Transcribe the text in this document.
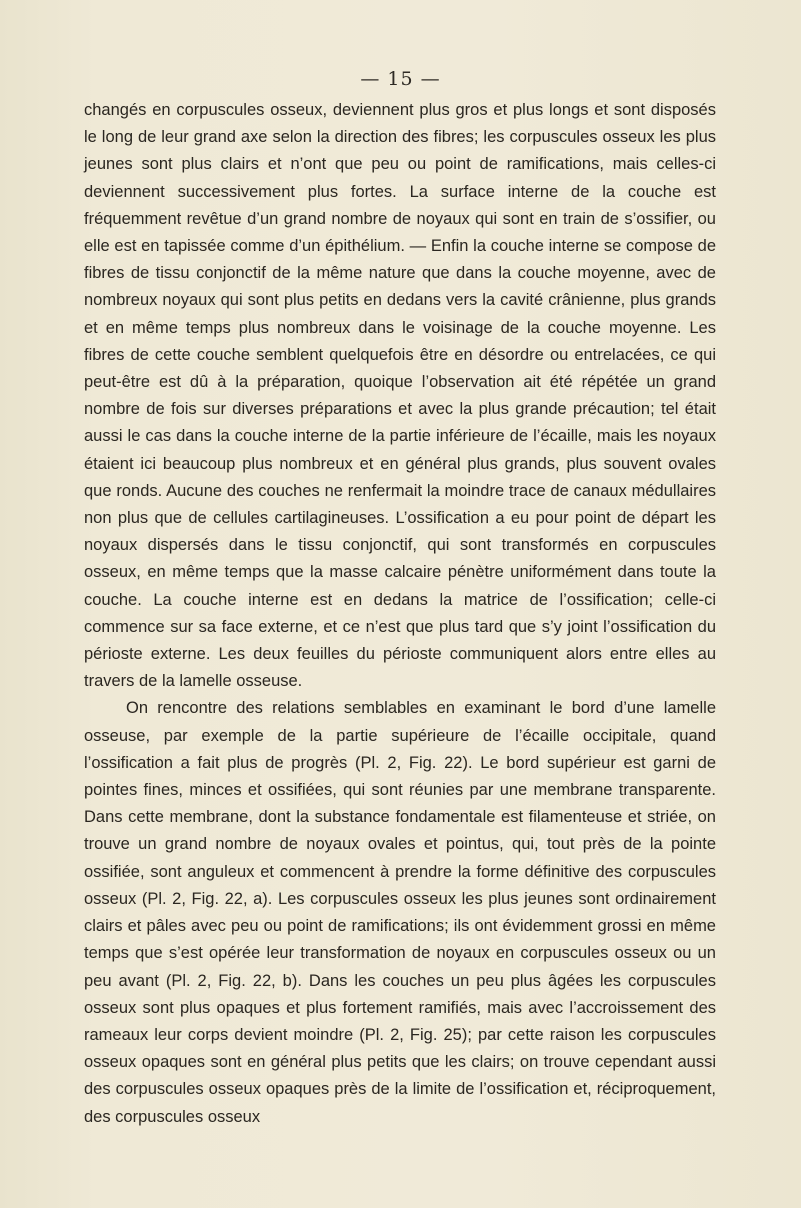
— 15 —

changés en corpuscules osseux, deviennent plus gros et plus longs et sont disposés le long de leur grand axe selon la direction des fibres; les corpuscules osseux les plus jeunes sont plus clairs et n’ont que peu ou point de ramifications, mais celles-ci deviennent successivement plus fortes. La surface interne de la couche est fréquemment revêtue d’un grand nombre de noyaux qui sont en train de s’ossifier, ou elle est en tapissée comme d’un épithélium. — Enfin la couche interne se compose de fibres de tissu conjonctif de la même nature que dans la couche moyenne, avec de nombreux noyaux qui sont plus petits en dedans vers la cavité crânienne, plus grands et en même temps plus nombreux dans le voisinage de la couche moyenne. Les fibres de cette couche semblent quelquefois être en désordre ou entrelacées, ce qui peut-être est dû à la préparation, quoique l’observation ait été répétée un grand nombre de fois sur diverses préparations et avec la plus grande précaution; tel était aussi le cas dans la couche interne de la partie inférieure de l’écaille, mais les noyaux étaient ici beaucoup plus nombreux et en général plus grands, plus souvent ovales que ronds. Aucune des couches ne renfermait la moindre trace de canaux médullaires non plus que de cellules cartilagineuses. L’ossification a eu pour point de départ les noyaux dispersés dans le tissu conjonctif, qui sont transformés en corpuscules osseux, en même temps que la masse calcaire pénètre uniformément dans toute la couche. La couche interne est en dedans la matrice de l’ossification; celle-ci commence sur sa face externe, et ce n’est que plus tard que s’y joint l’ossification du périoste externe. Les deux feuilles du périoste communiquent alors entre elles au travers de la lamelle osseuse.

On rencontre des relations semblables en examinant le bord d’une lamelle osseuse, par exemple de la partie supérieure de l’écaille occipitale, quand l’ossification a fait plus de progrès (Pl. 2, Fig. 22). Le bord supérieur est garni de pointes fines, minces et ossifiées, qui sont réunies par une membrane transparente. Dans cette membrane, dont la substance fondamentale est filamenteuse et striée, on trouve un grand nombre de noyaux ovales et pointus, qui, tout près de la pointe ossifiée, sont anguleux et commencent à prendre la forme définitive des corpuscules osseux (Pl. 2, Fig. 22, a). Les corpuscules osseux les plus jeunes sont ordinairement clairs et pâles avec peu ou point de ramifications; ils ont évidemment grossi en même temps que s’est opérée leur transformation de noyaux en corpuscules osseux ou un peu avant (Pl. 2, Fig. 22, b). Dans les couches un peu plus âgées les corpuscules osseux sont plus opaques et plus fortement ramifiés, mais avec l’accroissement des rameaux leur corps devient moindre (Pl. 2, Fig. 25); par cette raison les corpuscules osseux opaques sont en général plus petits que les clairs; on trouve cependant aussi des corpuscules osseux opaques près de la limite de l’ossification et, réciproquement, des corpuscules osseux
